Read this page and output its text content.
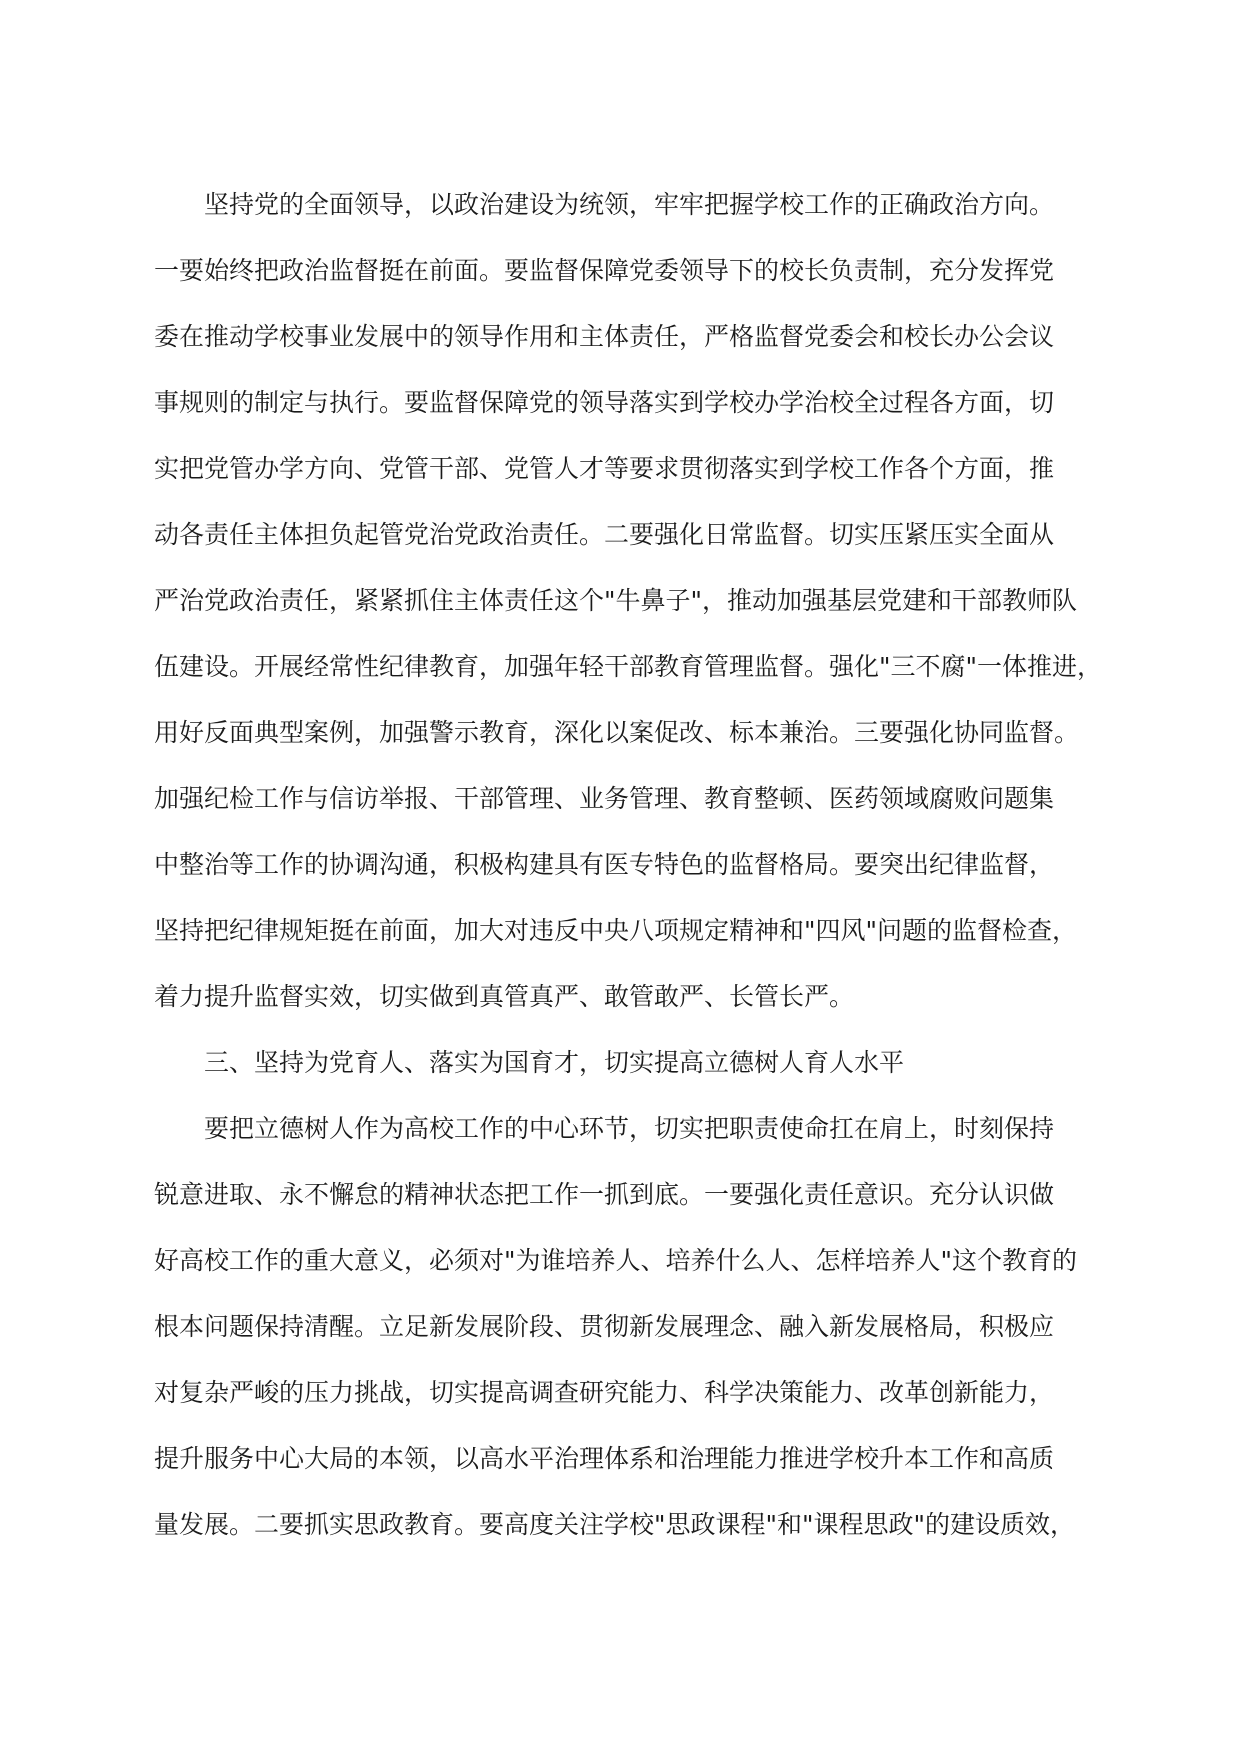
坚持党的全面领导，以政治建设为统领，牢牢把握学校工作的正确政治方向。
一要始终把政治监督挺在前面。要监督保障党委领导下的校长负责制，充分发挥党
委在推动学校事业发展中的领导作用和主体责任，严格监督党委会和校长办公会议
事规则的制定与执行。要监督保障党的领导落实到学校办学治校全过程各方面，切
实把党管办学方向、党管干部、党管人才等要求贯彻落实到学校工作各个方面，推
动各责任主体担负起管党治党政治责任。二要强化日常监督。切实压紧压实全面从
严治党政治责任，紧紧抓住主体责任这个"牛鼻子"，推动加强基层党建和干部教师队
伍建设。开展经常性纪律教育，加强年轻干部教育管理监督。强化"三不腐"一体推进，
用好反面典型案例，加强警示教育，深化以案促改、标本兼治。三要强化协同监督。
加强纪检工作与信访举报、干部管理、业务管理、教育整顿、医药领域腐败问题集
中整治等工作的协调沟通，积极构建具有医专特色的监督格局。要突出纪律监督，
坚持把纪律规矩挺在前面，加大对违反中央八项规定精神和"四风"问题的监督检查，
着力提升监督实效，切实做到真管真严、敢管敢严、长管长严。
三、坚持为党育人、落实为国育才，切实提高立德树人育人水平
要把立德树人作为高校工作的中心环节，切实把职责使命扛在肩上，时刻保持
锐意进取、永不懈怠的精神状态把工作一抓到底。一要强化责任意识。充分认识做
好高校工作的重大意义，必须对"为谁培养人、培养什么人、怎样培养人"这个教育的
根本问题保持清醒。立足新发展阶段、贯彻新发展理念、融入新发展格局，积极应
对复杂严峻的压力挑战，切实提高调查研究能力、科学决策能力、改革创新能力，
提升服务中心大局的本领，以高水平治理体系和治理能力推进学校升本工作和高质
量发展。二要抓实思政教育。要高度关注学校"思政课程"和"课程思政"的建设质效，
